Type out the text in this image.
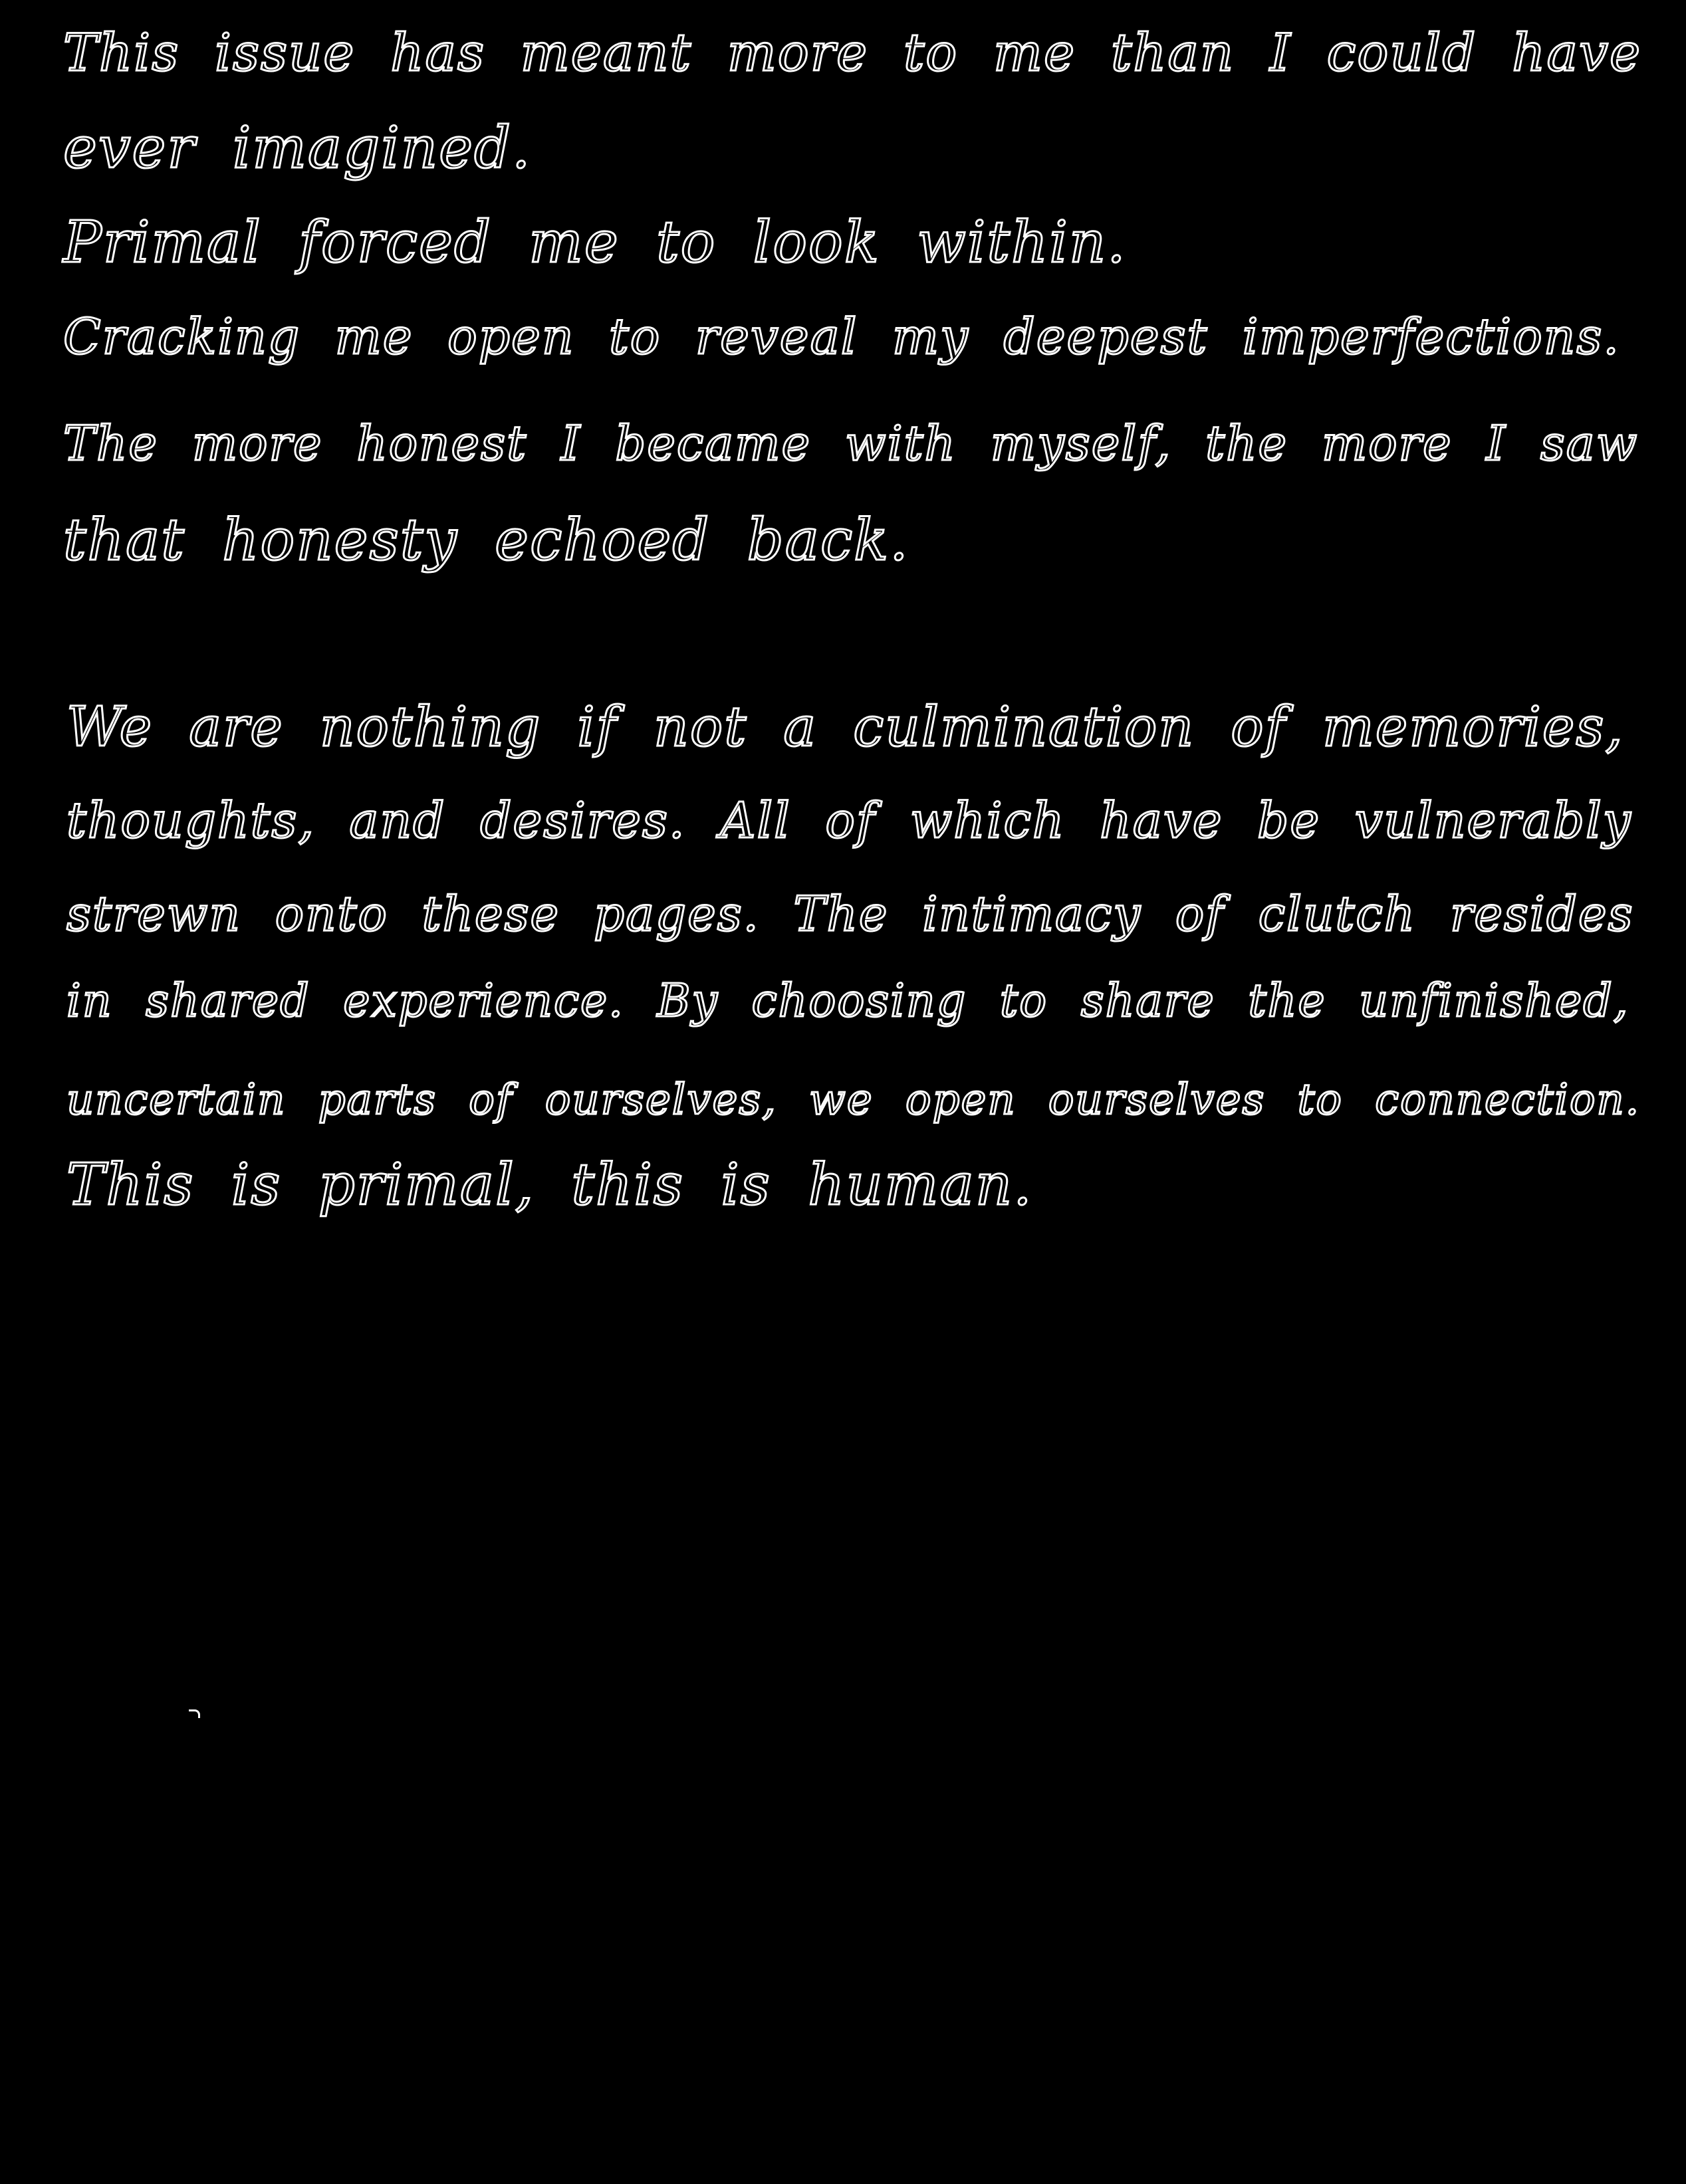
This issue has meant more to me than I could have

ever imagined.

Primal forced me to look within.

Cracking me open to reveal my deepest imperfections.

The more honest I became with myself, the more I saw

that honesty echoed back.

We are nothing if not a culmination of memories,

thoughts, and desires. All of which have be vulnerably

strewn onto these pages. The intimacy of clutch resides

in shared experience. By choosing to share the unfinished,

uncertain parts of ourselves, we open ourselves to connection.

This is primal, this is human.
